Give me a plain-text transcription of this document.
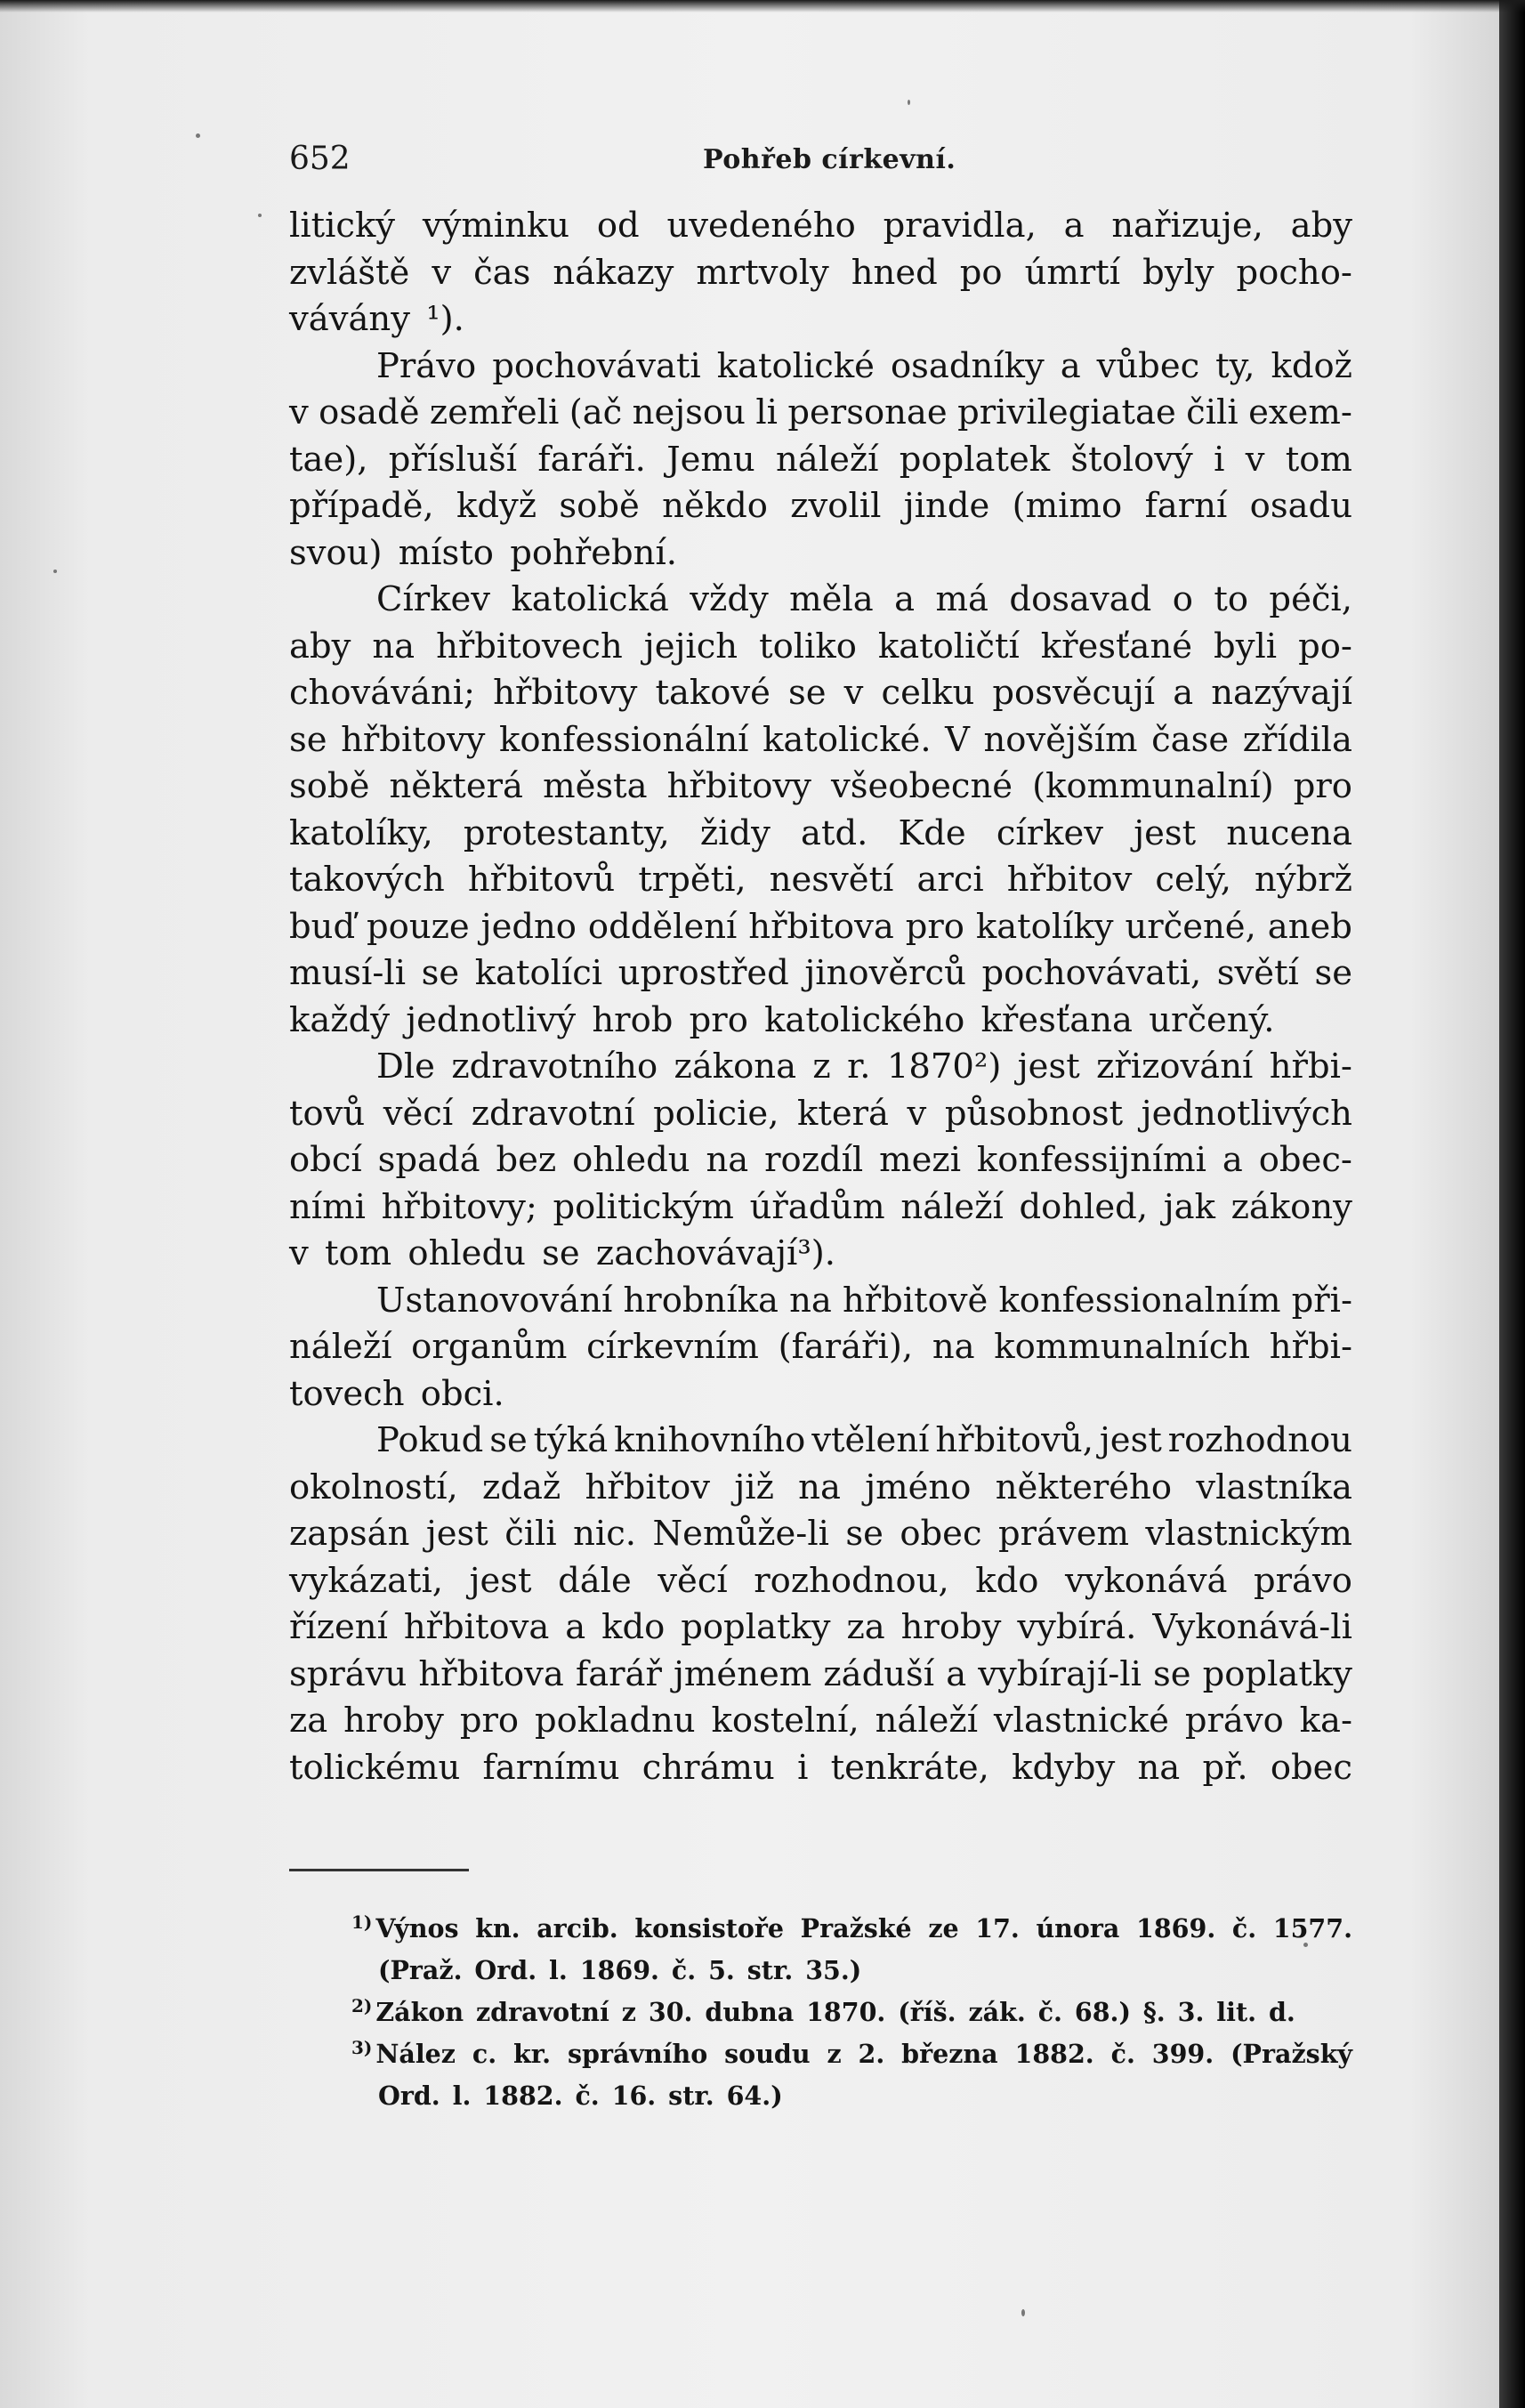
652	Pohřeb církevní.
litický výminku od uvedeného pravidla, a nařizuje, aby
zvláště v čas nákazy mrtvoly hned po úmrtí byly pocho-
vávány ¹).
Právo pochovávati katolické osadníky a vůbec ty, kdož
v osadě zemřeli (ač nejsou li personae privilegiatae čili exem-
tae), přísluší faráři. Jemu náleží poplatek štolový i v tom
případě, když sobě někdo zvolil jinde (mimo farní osadu
svou) místo pohřební.
Církev katolická vždy měla a má dosavad o to péči,
aby na hřbitovech jejich toliko katoličtí křesťané byli po-
chováváni; hřbitovy takové se v celku posvěcují a nazývají
se hřbitovy konfessionální katolické. V novějším čase zřídila
sobě některá města hřbitovy všeobecné (kommunalní) pro
katolíky, protestanty, židy atd. Kde církev jest nucena
takových hřbitovů trpěti, nesvětí arci hřbitov celý, nýbrž
buď pouze jedno oddělení hřbitova pro katolíky určené, aneb
musí-li se katolíci uprostřed jinověrců pochovávati, světí se
každý jednotlivý hrob pro katolického křesťana určený.
Dle zdravotního zákona z r. 1870²) jest zřizování hřbi-
tovů věcí zdravotní policie, která v působnost jednotlivých
obcí spadá bez ohledu na rozdíl mezi konfessijními a obec-
ními hřbitovy; politickým úřadům náleží dohled, jak zákony
v tom ohledu se zachovávají³).
Ustanovování hrobníka na hřbitově konfessionalním při-
náleží organům církevním (faráři), na kommunalních hřbi-
tovech obci.
Pokud se týká knihovního vtělení hřbitovů, jest rozhodnou
okolností, zdaž hřbitov již na jméno některého vlastníka
zapsán jest čili nic. Nemůže-li se obec právem vlastnickým
vykázati, jest dále věcí rozhodnou, kdo vykonává právo
řízení hřbitova a kdo poplatky za hroby vybírá. Vykonává-li
správu hřbitova farář jménem záduší a vybírají-li se poplatky
za hroby pro pokladnu kostelní, náleží vlastnické právo ka-
tolickému farnímu chrámu i tenkráte, kdyby na př. obec
$^{1)}$ Výnos kn. arcib. konsistoře Pražské ze 17. února 1869. č. 1577.
(Praž. Ord. l. 1869. č. 5. str. 35.)
$^{2)}$ Zákon zdravotní z 30. dubna 1870. (říš. zák. č. 68.) §. 3. lit. d.
$^{3)}$ Nález c. kr. správního soudu z 2. března 1882. č. 399. (Pražský
Ord. l. 1882. č. 16. str. 64.)
